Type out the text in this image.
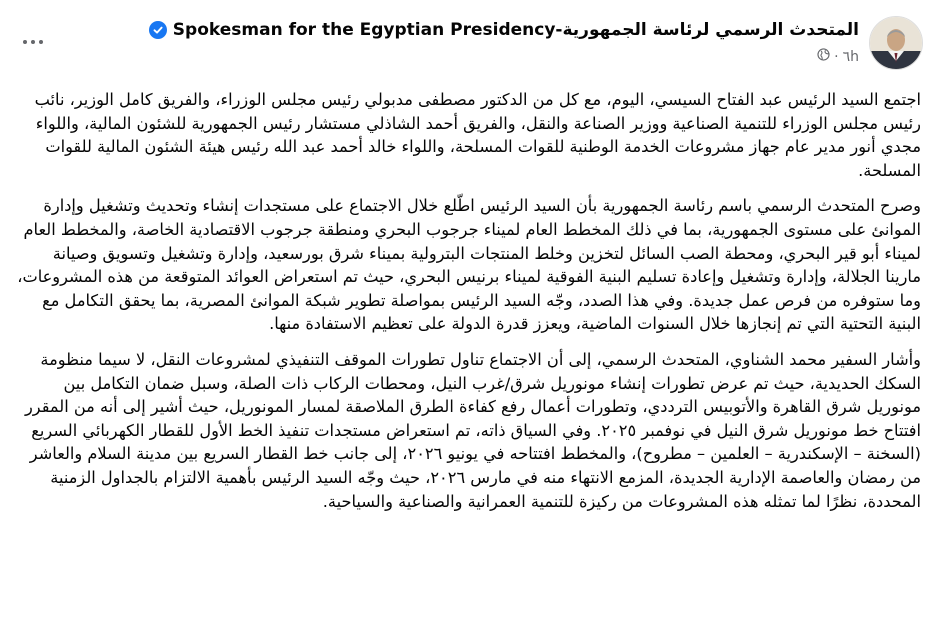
المتحدث الرسمي لرئاسة الجمهورية-Spokesman for the Egyptian Presidency
٦h
·

اجتمع السيد الرئيس عبد الفتاح السيسي، اليوم، مع كل من الدكتور مصطفى مدبولي رئيس مجلس الوزراء، والفريق كامل الوزير، نائب رئيس مجلس الوزراء للتنمية الصناعية ووزير الصناعة والنقل، والفريق أحمد الشاذلي مستشار رئيس الجمهورية للشئون المالية، واللواء مجدي أنور مدير عام جهاز مشروعات الخدمة الوطنية للقوات المسلحة، واللواء خالد أحمد عبد الله رئيس هيئة الشئون المالية للقوات المسلحة.

وصرح المتحدث الرسمي باسم رئاسة الجمهورية بأن السيد الرئيس اطّلع خلال الاجتماع على مستجدات إنشاء وتحديث وتشغيل وإدارة الموانئ على مستوى الجمهورية، بما في ذلك المخطط العام لميناء جرجوب البحري ومنطقة جرجوب الاقتصادية الخاصة، والمخطط العام لميناء أبو قير البحري، ومحطة الصب السائل لتخزين وخلط المنتجات البترولية بميناء شرق بورسعيد، وإدارة وتشغيل وتسويق وصيانة مارينا الجلالة، وإدارة وتشغيل وإعادة تسليم البنية الفوقية لميناء برنيس البحري، حيث تم استعراض العوائد المتوقعة من هذه المشروعات، وما ستوفره من فرص عمل جديدة. وفي هذا الصدد، وجّه السيد الرئيس بمواصلة تطوير شبكة الموانئ المصرية، بما يحقق التكامل مع البنية التحتية التي تم إنجازها خلال السنوات الماضية، ويعزز قدرة الدولة على تعظيم الاستفادة منها.

وأشار السفير محمد الشناوي، المتحدث الرسمي، إلى أن الاجتماع تناول تطورات الموقف التنفيذي لمشروعات النقل، لا سيما منظومة السكك الحديدية، حيث تم عرض تطورات إنشاء مونوريل شرق/غرب النيل، ومحطات الركاب ذات الصلة، وسبل ضمان التكامل بين مونوريل شرق القاهرة والأتوبيس الترددي، وتطورات أعمال رفع كفاءة الطرق الملاصقة لمسار المونوريل، حيث أشير إلى أنه من المقرر افتتاح خط مونوريل شرق النيل في نوفمبر ٢٠٢٥. وفي السياق ذاته، تم استعراض مستجدات تنفيذ الخط الأول للقطار الكهربائي السريع (السخنة – الإسكندرية – العلمين – مطروح)، والمخطط افتتاحه في يونيو ٢٠٢٦، إلى جانب خط القطار السريع بين مدينة السلام والعاشر من رمضان والعاصمة الإدارية الجديدة، المزمع الانتهاء منه في مارس ٢٠٢٦، حيث وجّه السيد الرئيس بأهمية الالتزام بالجداول الزمنية المحددة، نظرًا لما تمثله هذه المشروعات من ركيزة للتنمية العمرانية والصناعية والسياحية.
